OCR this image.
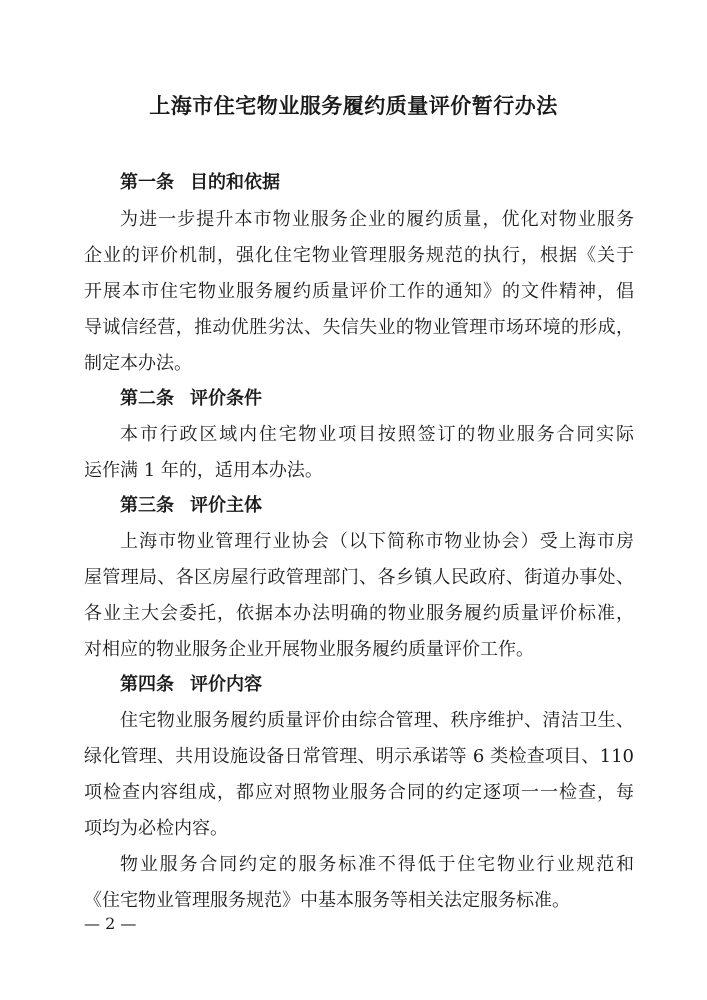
上海市住宅物业服务履约质量评价暂行办法
第一条 目的和依据
为进一步提升本市物业服务企业的履约质量，优化对物业服务
企业的评价机制，强化住宅物业管理服务规范的执行，根据《关于
开展本市住宅物业服务履约质量评价工作的通知》的文件精神，倡
导诚信经营，推动优胜劣汰、失信失业的物业管理市场环境的形成，
制定本办法。
第二条 评价条件
本市行政区域内住宅物业项目按照签订的物业服务合同实际
运作满 1 年的，适用本办法。
第三条 评价主体
上海市物业管理行业协会（以下简称市物业协会）受上海市房
屋管理局、各区房屋行政管理部门、各乡镇人民政府、街道办事处、
各业主大会委托，依据本办法明确的物业服务履约质量评价标准，
对相应的物业服务企业开展物业服务履约质量评价工作。
第四条 评价内容
住宅物业服务履约质量评价由综合管理、秩序维护、清洁卫生、
绿化管理、共用设施设备日常管理、明示承诺等 6 类检查项目、110
项检查内容组成，都应对照物业服务合同的约定逐项一一检查，每
项均为必检内容。
物业服务合同约定的服务标准不得低于住宅物业行业规范和
《住宅物业管理服务规范》中基本服务等相关法定服务标准。
— 2 —
